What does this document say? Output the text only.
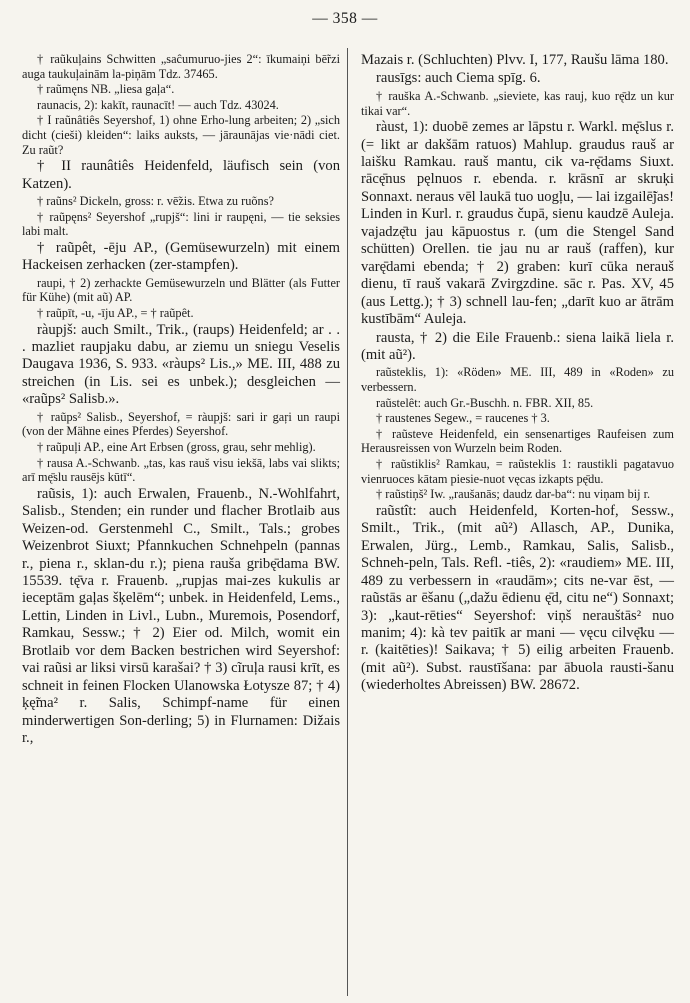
— 358 —

† raũkuļains Schwitten „saĉumuruo-jies 2“: īkumaiņi bē̃rzi auga taukuļainām la-piņām Tdz. 37465.

† raũmęns NB. „liesa gaļa“.

raunacis, 2): kakīt, raunacīt! — auch Tdz. 43024.

† I raũnâtiês Seyershof, 1) ohne Erho-lung arbeiten; 2) „sich dicht (cieši) kleiden“: laiks auksts, — jāraunājas vie·nādi ciet. Zu raũt?

† II raunâtiês Heidenfeld, läufisch sein (von Katzen).

† raũns² Dickeln, gross: r. vē̃zis. Etwa zu ruõns?

† raũpęns² Seyershof „rupjš“: lini ir raupęni, — tie seksies labi malt.

† raũpêt, -ēju AP., (Gemüsewurzeln) mit einem Hackeisen zerhacken (zer-stampfen).

raupi, † 2) zerhackte Gemüsewurzeln und Blätter (als Futter für Kühe) (mit aũ) AP.

† raũpīt, -u, -īju AP., = † raũpêt.

ràupjš: auch Smilt., Trik., (raups) Heidenfeld; ar . . . mazliet raupjaku dabu, ar ziemu un sniegu Veselis Daugava 1936, S. 933. «ràups² Lis.,» ME. III, 488 zu streichen (in Lis. sei es unbek.); desgleichen — «raũps² Salisb.».

† raũps² Salisb., Seyershof, = ràupjš: sari ir gaŗi un raupi (von der Mähne eines Pferdes) Seyershof.

† raũpuļi AP., eine Art Erbsen (gross, grau, sehr mehlig).

† rausa A.-Schwanb. „tas, kas rauš visu iekšā, labs vai slikts; arī mę̄slu rausējs kūtī“.

raũsis, 1): auch Erwalen, Frauenb., N.-Wohlfahrt, Salisb., Stenden; ein runder und flacher Brotlaib aus Weizen-od. Gerstenmehl C., Smilt., Tals.; grobes Weizenbrot Siuxt; Pfannkuchen Schnehpeln (pannas r., piena r., sklan-du r.); piena rauša gribę̄dama BW. 15539. tę̄va r. Frauenb. „rupjas mai-zes kukulis ar ieceptām gaļas šķelēm“; unbek. in Heidenfeld, Lems., Lettin, Linden in Livl., Lubn., Muremois, Posendorf, Ramkau, Sessw.; † 2) Eier od. Milch, womit ein Brotlaib vor dem Backen bestrichen wird Seyershof: vai raũsi ar liksi virsū karašai? † 3) cĩruļa rausi krīt, es schneit in feinen Flocken Ulanowska Łotysze 87; † 4) ķę̃ma² r. Salis, Schimpf-name für einen minderwertigen Son-derling; 5) in Flurnamen: Dižais r.,

Mazais r. (Schluchten) Plvv. I, 177, Raušu lāma 180.

rausīgs: auch Ciema spīg. 6.

† rauška A.-Schwanb. „sieviete, kas rauj, kuo rę̄dz un kur tikai var“.

ràust, 1): duobē zemes ar lāpstu r. Warkl. mę̄slus r. (= likt ar dakšām ratuos) Mahlup. graudus rauš ar laišku Ramkau. rauš mantu, cik va-rę̄dams Siuxt. rācę̄nus pęlnuos r. ebenda. r. krāsnī ar skruķi Sonnaxt. neraus vēl laukā tuo uogļu, — lai izgailē̃jas! Linden in Kurl. r. graudus čupā, sienu kaudzē Auleja. vajadzę̄tu jau kāpuostus r. (um die Stengel Sand schütten) Orellen. tie jau nu ar rauš (raffen), kur varę̄dami ebenda; † 2) graben: kurī cūka nerauš dienu, tī rauš vakarā Zvirgzdine. sāc r. Pas. XV, 45 (aus Lettg.); † 3) schnell lau-fen; „darīt kuo ar ātrām kustībām“ Auleja.

rausta, † 2) die Eile Frauenb.: siena laikā liela r. (mit aũ²).

raũsteklis, 1): «Röden» ME. III, 489 in «Roden» zu verbessern.

raũstelêt: auch Gr.-Buschh. n. FBR. XII, 85.

† raustenes Segew., = raucenes † 3.

† raũsteve Heidenfeld, ein sensenartiges Raufeisen zum Herausreissen von Wurzeln beim Roden.

† raũstiklis² Ramkau, = raũsteklis 1: raustikli pagatavuo vienruoces kātam piesie-nuot vęcas izkapts pę̄du.

† raũstiņš² Iw. „raušanās; daudz dar-ba“: nu viņam bij r.

raũstît: auch Heidenfeld, Korten-hof, Sessw., Smilt., Trik., (mit aũ²) Allasch, AP., Dunika, Erwalen, Jürg., Lemb., Ramkau, Salis, Salisb., Schneh-peln, Tals. Refl. -tiês, 2): «raudiem» ME. III, 489 zu verbessern in «raudām»; cits ne-var ēst, — raũstās ar ēšanu („dažu ēdienu ę̄d, citu ne“) Sonnaxt; 3): „kaut-rēties“ Seyershof: viņš nerauštās² nuo manim; 4): kà tev paitīk ar mani — vęcu cilvę̄ku — r. (kaitēties)! Saikava; † 5) eilig arbeiten Frauenb. (mit aũ²). Subst. raustīšana: par ābuola rausti-šanu (wiederholtes Abreissen) BW. 28672.
